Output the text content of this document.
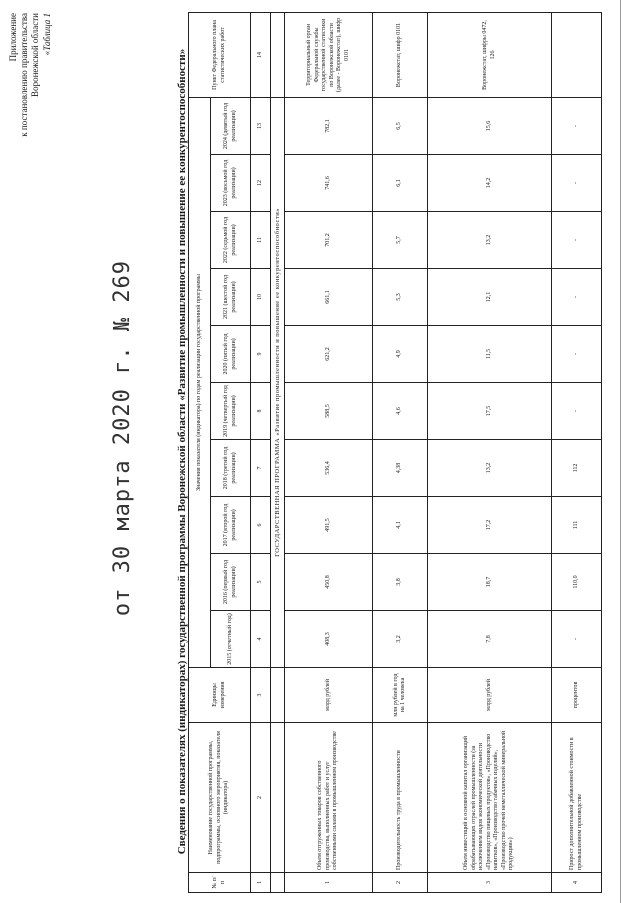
Приложение к постановлению правительства Воронежской области
от 30 марта 2020 г. № 269
«Таблица 1
Сведения о показателях (индикаторах) государственной программы Воронежской области «Развитие промышленности и повышение ее конкурентоспособности»
№ п/п	Наименование государственной программы, подпрограммы, основного мероприятия, показателя (индикатора)	Единицы измерения	Значения показателя (индикатора) по годам реализации государственной программы										Пункт Федерального плана статистических работ
			2015 (отчетный год)	2016 (первый год реализации)	2017 (второй год реализации)	2018 (третий год реализации)	2019 (четвертый год реализации)	2020 (пятый год реализации)	2021 (шестой год реализации)	2022 (седьмой год реализации)	2023 (восьмой год реализации)	2024 (девятый год реализации)	
1	2	3	4	5	6	7	8	9	10	11	12	13	14
			ГОСУДАРСТВЕННАЯ ПРОГРАММА «Развитие промышленности и повышение ее конкурентоспособности»										
1	Объем отгруженных товаров собственного производства, выполненных работ и услуг собственными силами в промышленном производстве	млрд рублей	408,3	450,8	491,5	536,4	588,5	621,2	661,1	701,2	741,6	782,1	Территориальный орган Федеральной службы государственной статистики по Воронежской области (далее - Воронежстат), шифр 0101
2	Производительность труда в промышленности	млн рублей в год на 1 человека	3,2	3,8	4,1	4,38	4,6	4,9	5,3	5,7	6,1	6,5	Воронежстат, шифр 0101
3	Объем инвестиций в основной капитал организаций обрабатывающих отраслей промышленности (за исключением видов экономической деятельности «Производство пищевых продуктов», «Производство напитков», «Производство табачных изделий», «Производство прочей неметаллической минеральной продукции»)	млрд рублей	7,8	18,7	17,2	13,2	17,5	11,5	12,1	13,2	14,2	15,6	Воронежстат, шифры 0472, 126
4	Прирост дополнительной добавленной стоимости в промышленном производстве	процентов	-	110,0	111	112	-	-	-	-	-	-	
